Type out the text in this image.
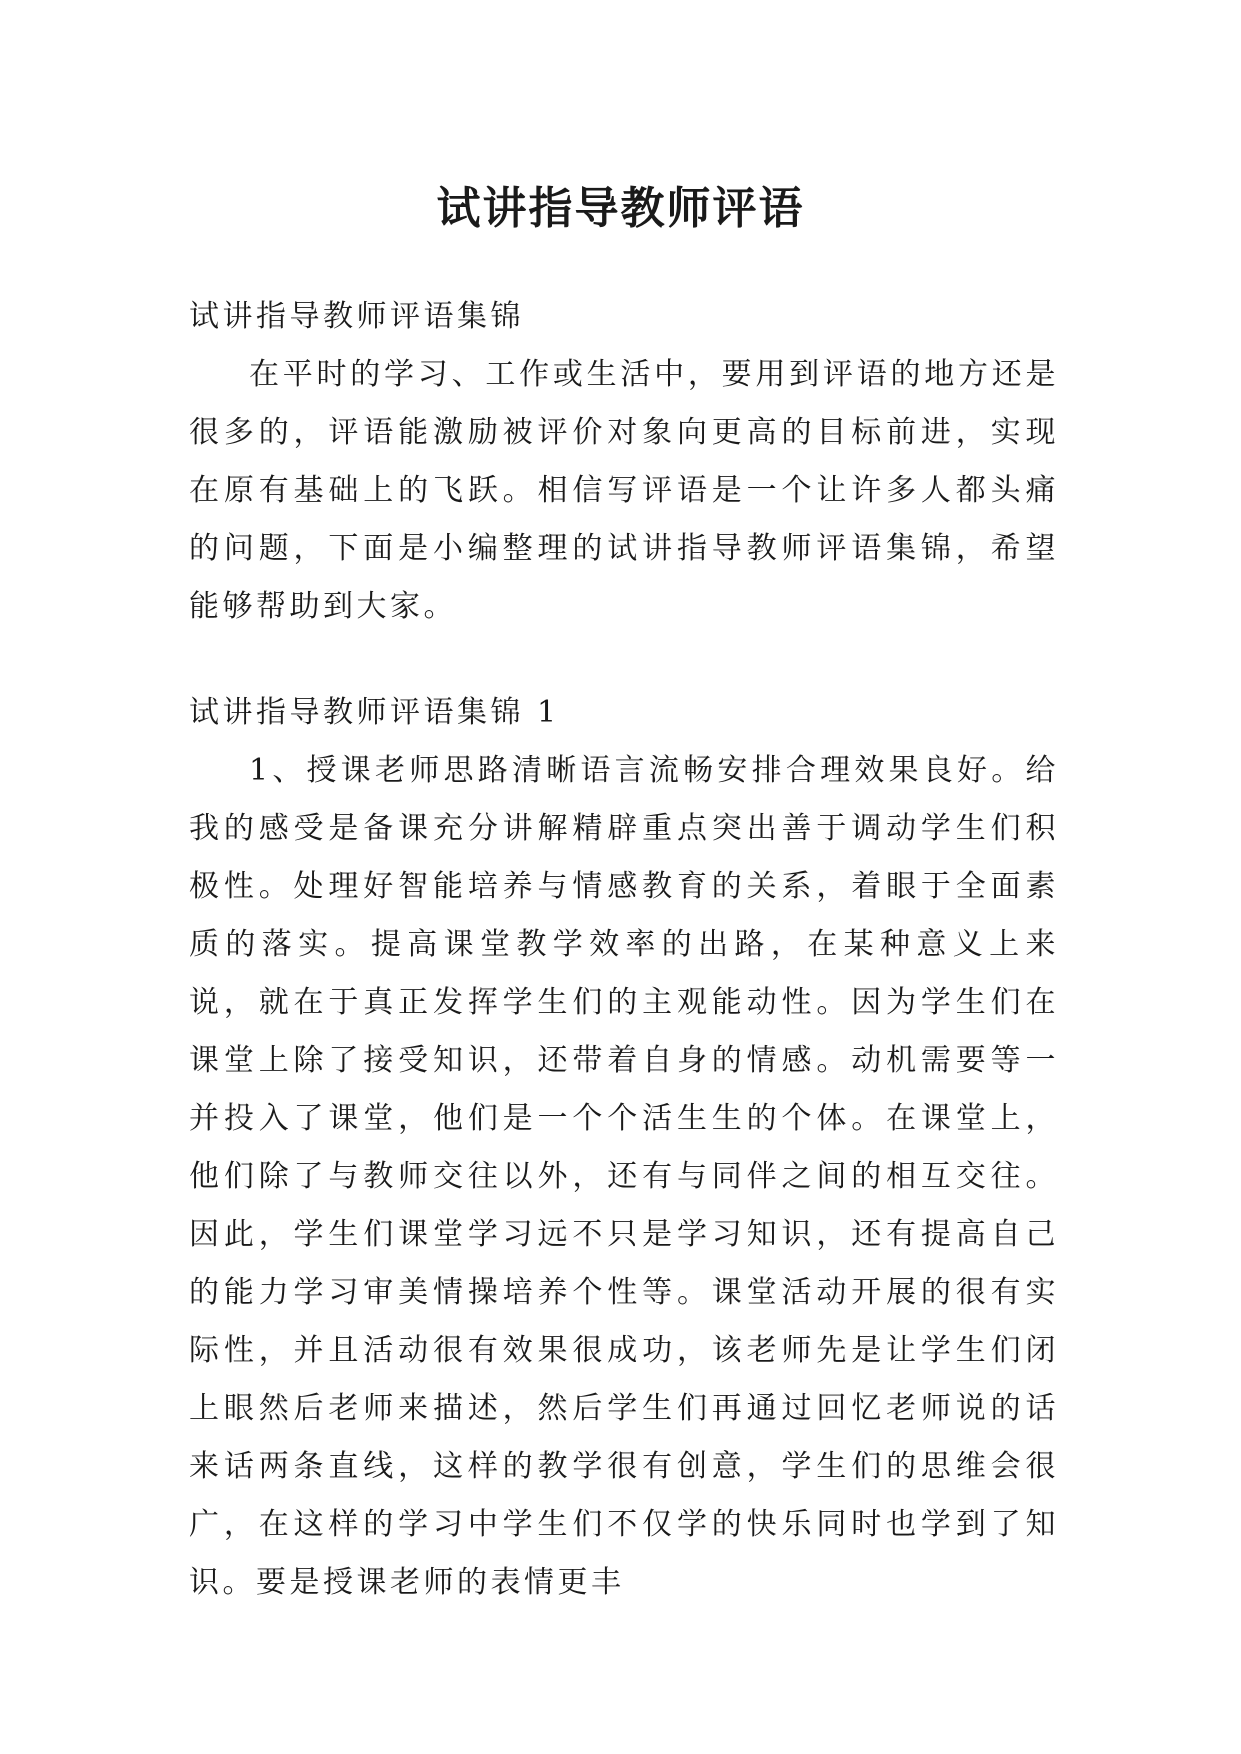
试讲指导教师评语

试讲指导教师评语集锦

在平时的学习、工作或生活中，要用到评语的地方还是很多的，评语能激励被评价对象向更高的目标前进，实现在原有基础上的飞跃。相信写评语是一个让许多人都头痛的问题，下面是小编整理的试讲指导教师评语集锦，希望能够帮助到大家。

试讲指导教师评语集锦 1

1、授课老师思路清晰语言流畅安排合理效果良好。给我的感受是备课充分讲解精辟重点突出善于调动学生们积极性。处理好智能培养与情感教育的关系，着眼于全面素质的落实。提高课堂教学效率的出路，在某种意义上来说，就在于真正发挥学生们的主观能动性。因为学生们在课堂上除了接受知识，还带着自身的情感。动机需要等一并投入了课堂，他们是一个个活生生的个体。在课堂上，他们除了与教师交往以外，还有与同伴之间的相互交往。因此，学生们课堂学习远不只是学习知识，还有提高自己的能力学习审美情操培养个性等。课堂活动开展的很有实际性，并且活动很有效果很成功，该老师先是让学生们闭上眼然后老师来描述，然后学生们再通过回忆老师说的话来话两条直线，这样的教学很有创意，学生们的思维会很广，在这样的学习中学生们不仅学的快乐同时也学到了知识。要是授课老师的表情更丰
